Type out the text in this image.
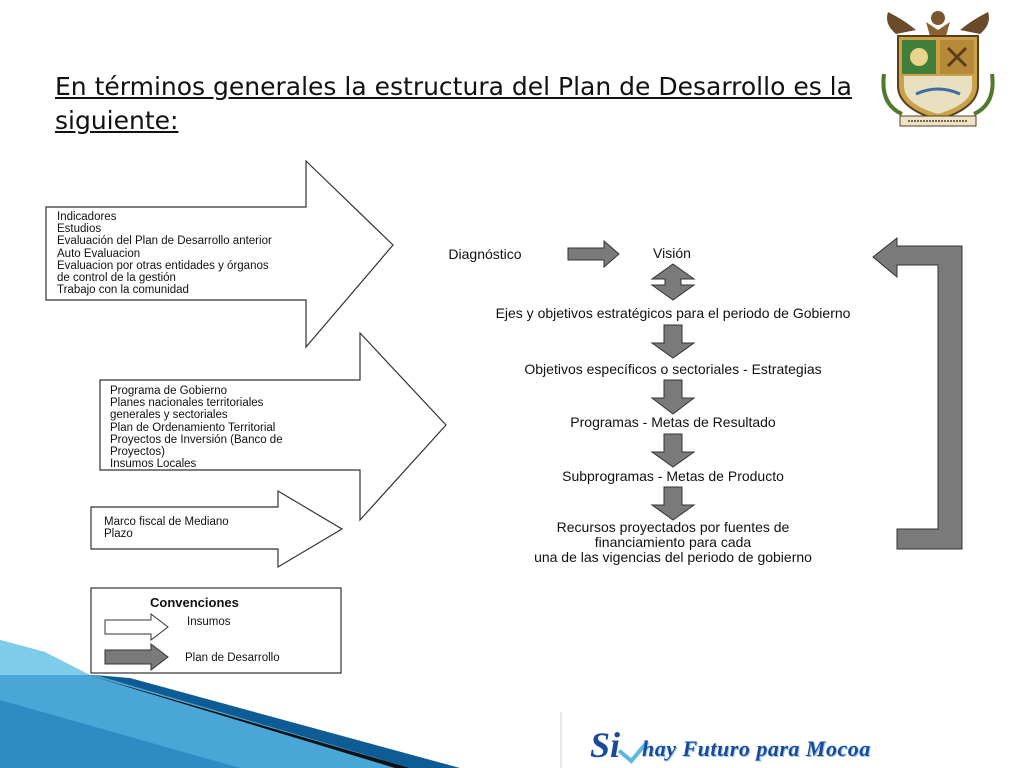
En términos generales la estructura del Plan de Desarrollo es la siguiente:
Indicadores
Estudios
Evaluación del Plan de Desarrollo anterior
Auto Evaluacion
Evaluacion por otras entidades y órganos
de control de la gestión
Trabajo con la comunidad
Programa de Gobierno
Planes nacionales territoriales
generales y sectoriales
Plan de Ordenamiento Territorial
Proyectos de Inversión (Banco de
Proyectos)
Insumos Locales
Marco fiscal de Mediano
Plazo
Diagnóstico	Visión
Ejes y objetivos estratégicos para el periodo de Gobierno
Objetivos específicos o sectoriales - Estrategias
Programas - Metas de Resultado
Subprogramas - Metas de Producto
Recursos proyectados por fuentes de
financiamiento para cada
una de las vigencias del periodo de gobierno
Convenciones
Insumos
Plan de Desarrollo
Si hay Futuro para Mocoa
